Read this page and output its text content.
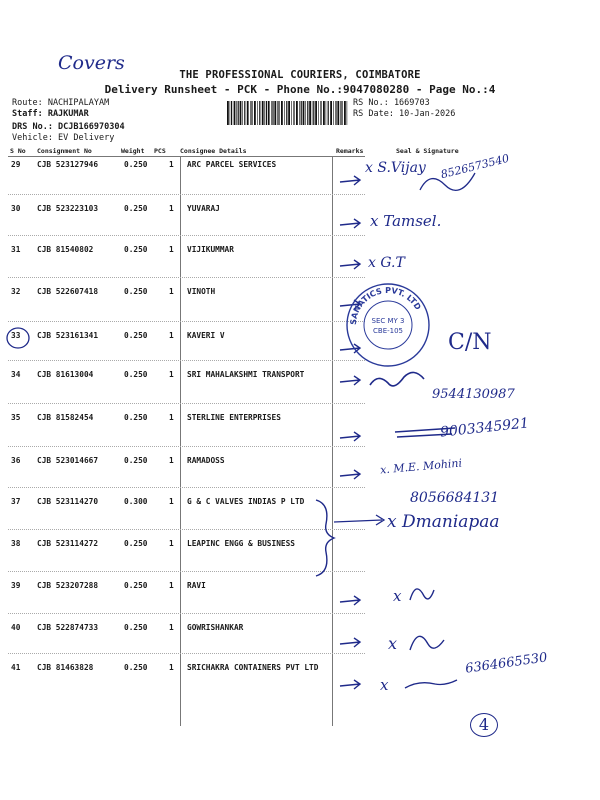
Covers
THE PROFESSIONAL COURIERS, COIMBATORE
Delivery Runsheet - PCK - Phone No.:9047080280 - Page No.:4
Route: NACHIPALAYAM
Staff: RAJKUMAR
DRS No.: DCJB166970304
Vehicle: EV Delivery
RS No.: 1669703
RS Date: 10-Jan-2026
S No Consignment No	Weight PCS Consignee Details	Remarks	Seal & Signature
29 CJB 523127946	0.250	1 ARC PARCEL SERVICES
30 CJB 523223103	0.250	1 YUVARAJ
31 CJB 81540802	0.250	1 VIJIKUMMAR
32 CJB 522607418	0.250	1 VINOTH
33 CJB 523161341	0.250	1 KAVERI V
34 CJB 81613004	0.250	1 SRI MAHALAKSHMI TRANSPORT
35 CJB 81582454	0.250	1 STERLINE ENTERPRISES
36 CJB 523014667	0.250	1 RAMADOSS
37 CJB 523114270	0.300	1 G & C VALVES INDIAS P LTD
38 CJB 523114272	0.250	1 LEAPINC ENGG & BUSINESS
39 CJB 523207288	0.250	1 RAVI
40 CJB 522874733	0.250	1 GOWRISHANKAR
41 CJB 81463828	0.250	1 SRICHAKRA CONTAINERS PVT LTD
x S.Vijay 8526573540
x Tamsel.
x G.T
C/N
9544130987
9003345921
x. M.E. Mohini
8056684131
x Dmaniapaa
x
x
x
6364665530
4
SANATICS PVT. LTD
SEC MY 3
CBE-105
